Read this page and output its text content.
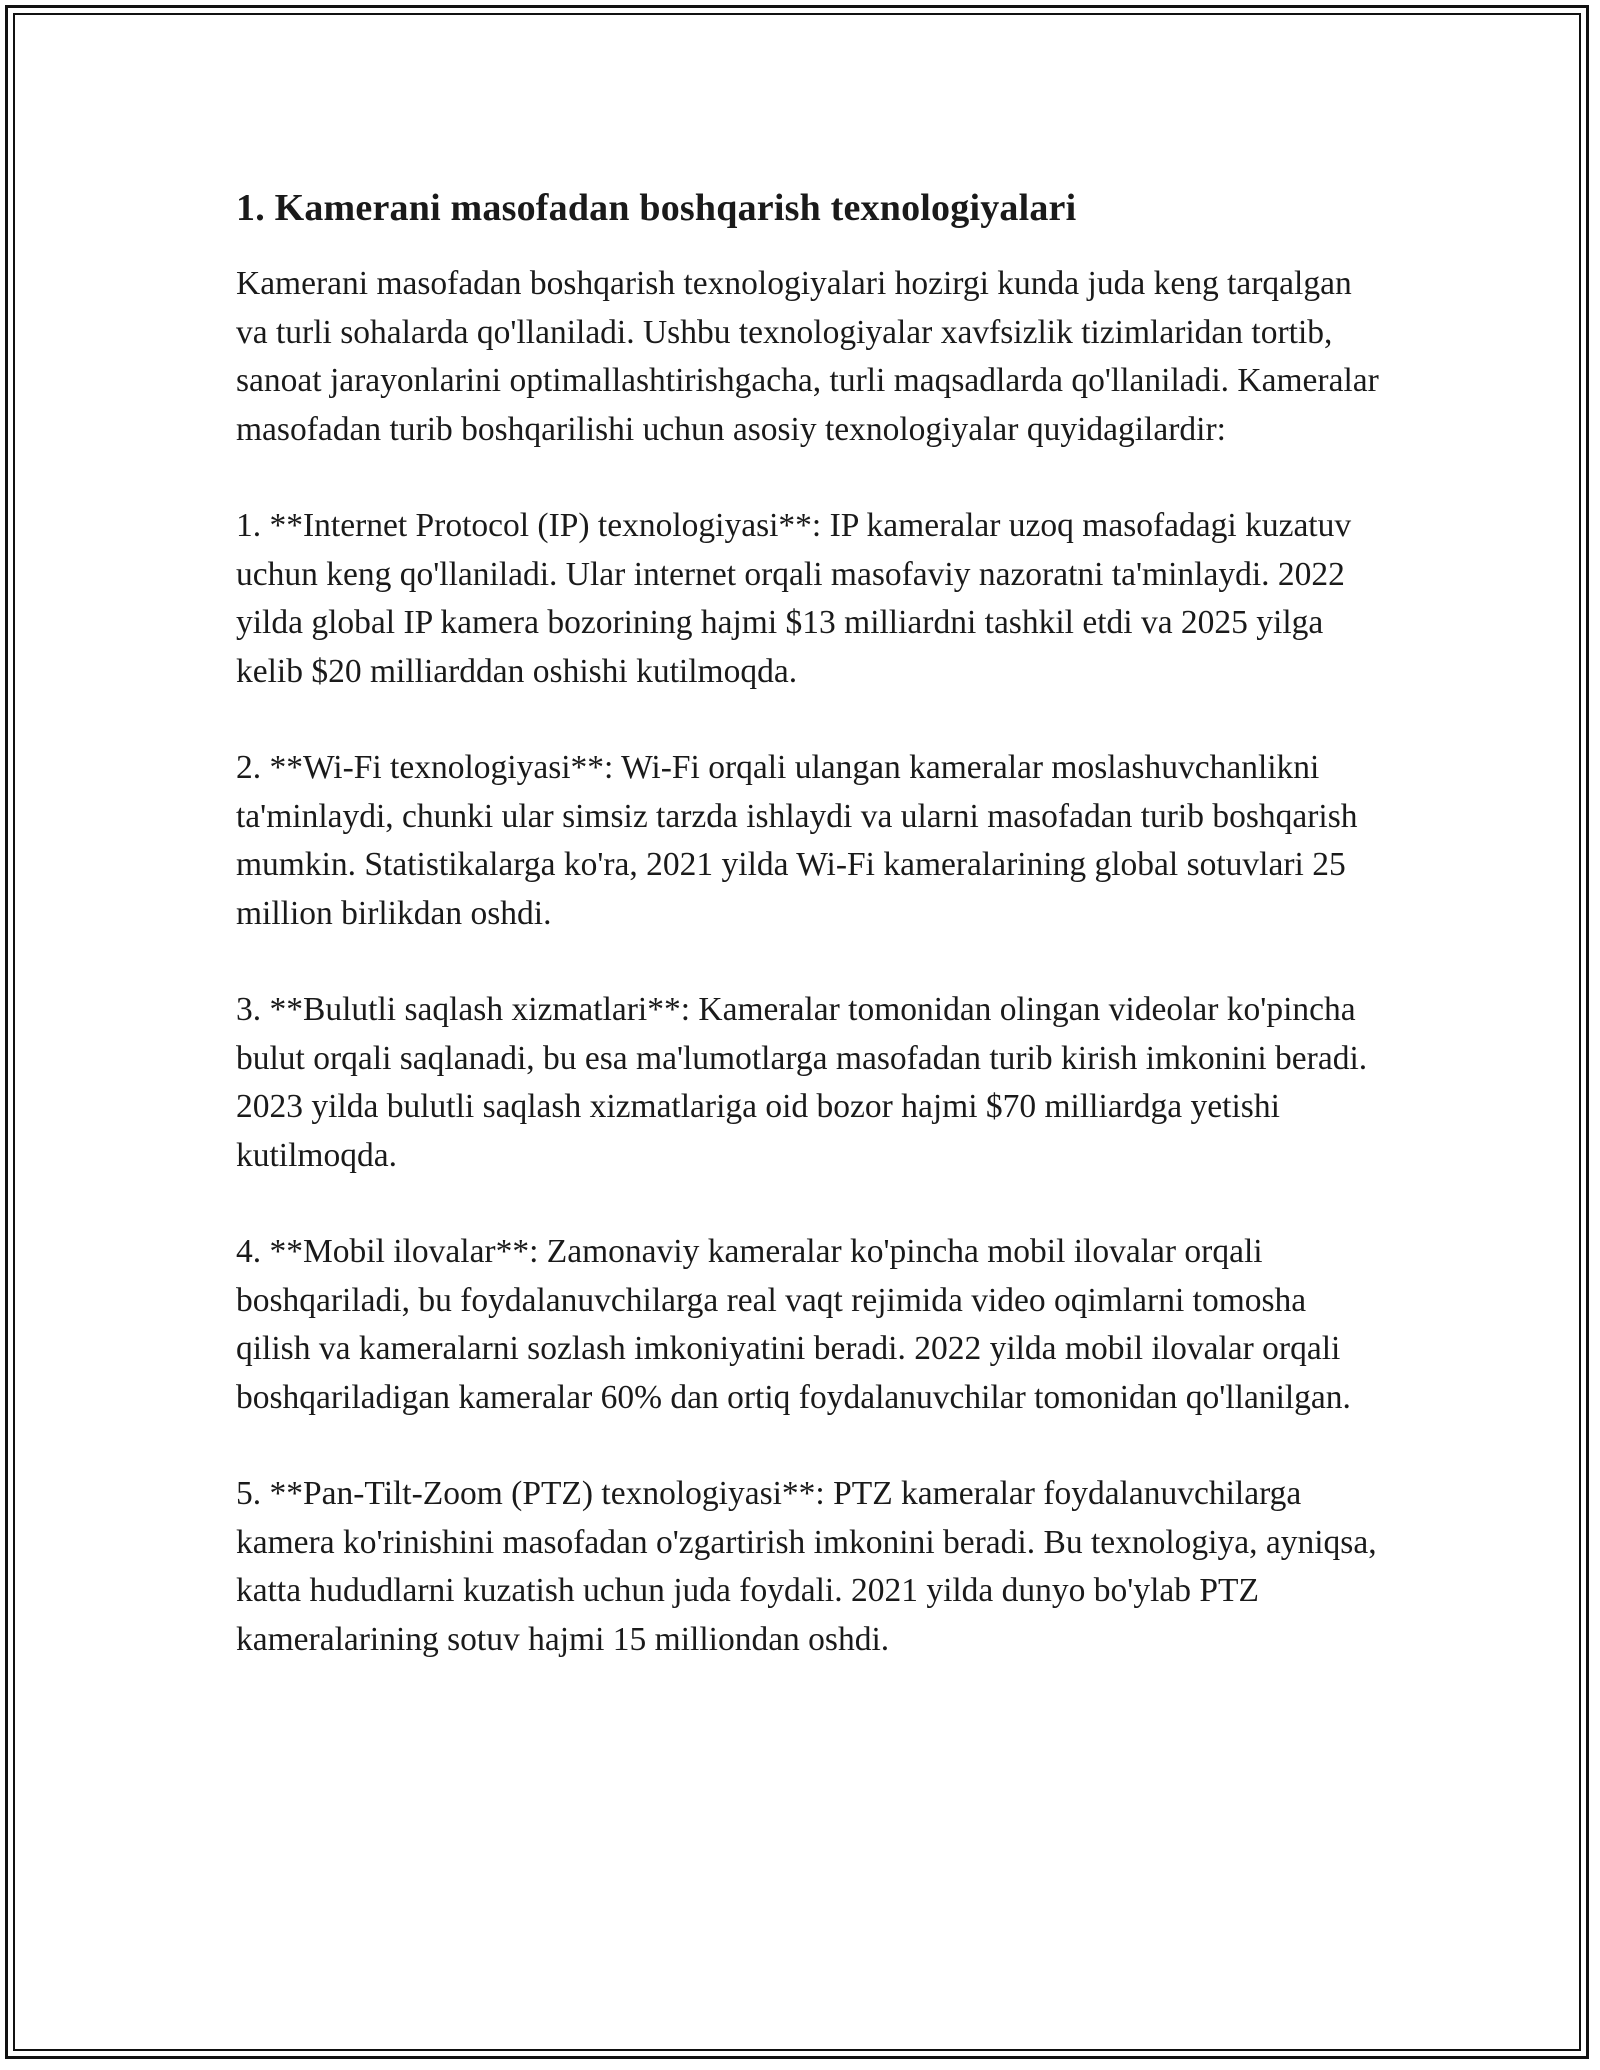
1. Kamerani masofadan boshqarish texnologiyalari

Kamerani masofadan boshqarish texnologiyalari hozirgi kunda juda keng tarqalgan va turli sohalarda qo'llaniladi. Ushbu texnologiyalar xavfsizlik tizimlaridan tortib, sanoat jarayonlarini optimallashtirishgacha, turli maqsadlarda qo'llaniladi. Kameralar masofadan turib boshqarilishi uchun asosiy texnologiyalar quyidagilardir:

1. **Internet Protocol (IP) texnologiyasi**: IP kameralar uzoq masofadagi kuzatuv uchun keng qo'llaniladi. Ular internet orqali masofaviy nazoratni ta'minlaydi. 2022 yilda global IP kamera bozorining hajmi $13 milliardni tashkil etdi va 2025 yilga kelib $20 milliarddan oshishi kutilmoqda.

2. **Wi-Fi texnologiyasi**: Wi-Fi orqali ulangan kameralar moslashuvchanlikni ta'minlaydi, chunki ular simsiz tarzda ishlaydi va ularni masofadan turib boshqarish mumkin. Statistikalarga ko'ra, 2021 yilda Wi-Fi kameralarining global sotuvlari 25 million birlikdan oshdi.

3. **Bulutli saqlash xizmatlari**: Kameralar tomonidan olingan videolar ko'pincha bulut orqali saqlanadi, bu esa ma'lumotlarga masofadan turib kirish imkonini beradi. 2023 yilda bulutli saqlash xizmatlariga oid bozor hajmi $70 milliardga yetishi kutilmoqda.

4. **Mobil ilovalar**: Zamonaviy kameralar ko'pincha mobil ilovalar orqali boshqariladi, bu foydalanuvchilarga real vaqt rejimida video oqimlarni tomosha qilish va kameralarni sozlash imkoniyatini beradi. 2022 yilda mobil ilovalar orqali boshqariladigan kameralar 60% dan ortiq foydalanuvchilar tomonidan qo'llanilgan.

5. **Pan-Tilt-Zoom (PTZ) texnologiyasi**: PTZ kameralar foydalanuvchilarga kamera ko'rinishini masofadan o'zgartirish imkonini beradi. Bu texnologiya, ayniqsa, katta hududlarni kuzatish uchun juda foydali. 2021 yilda dunyo bo'ylab PTZ kameralarining sotuv hajmi 15 milliondan oshdi.
